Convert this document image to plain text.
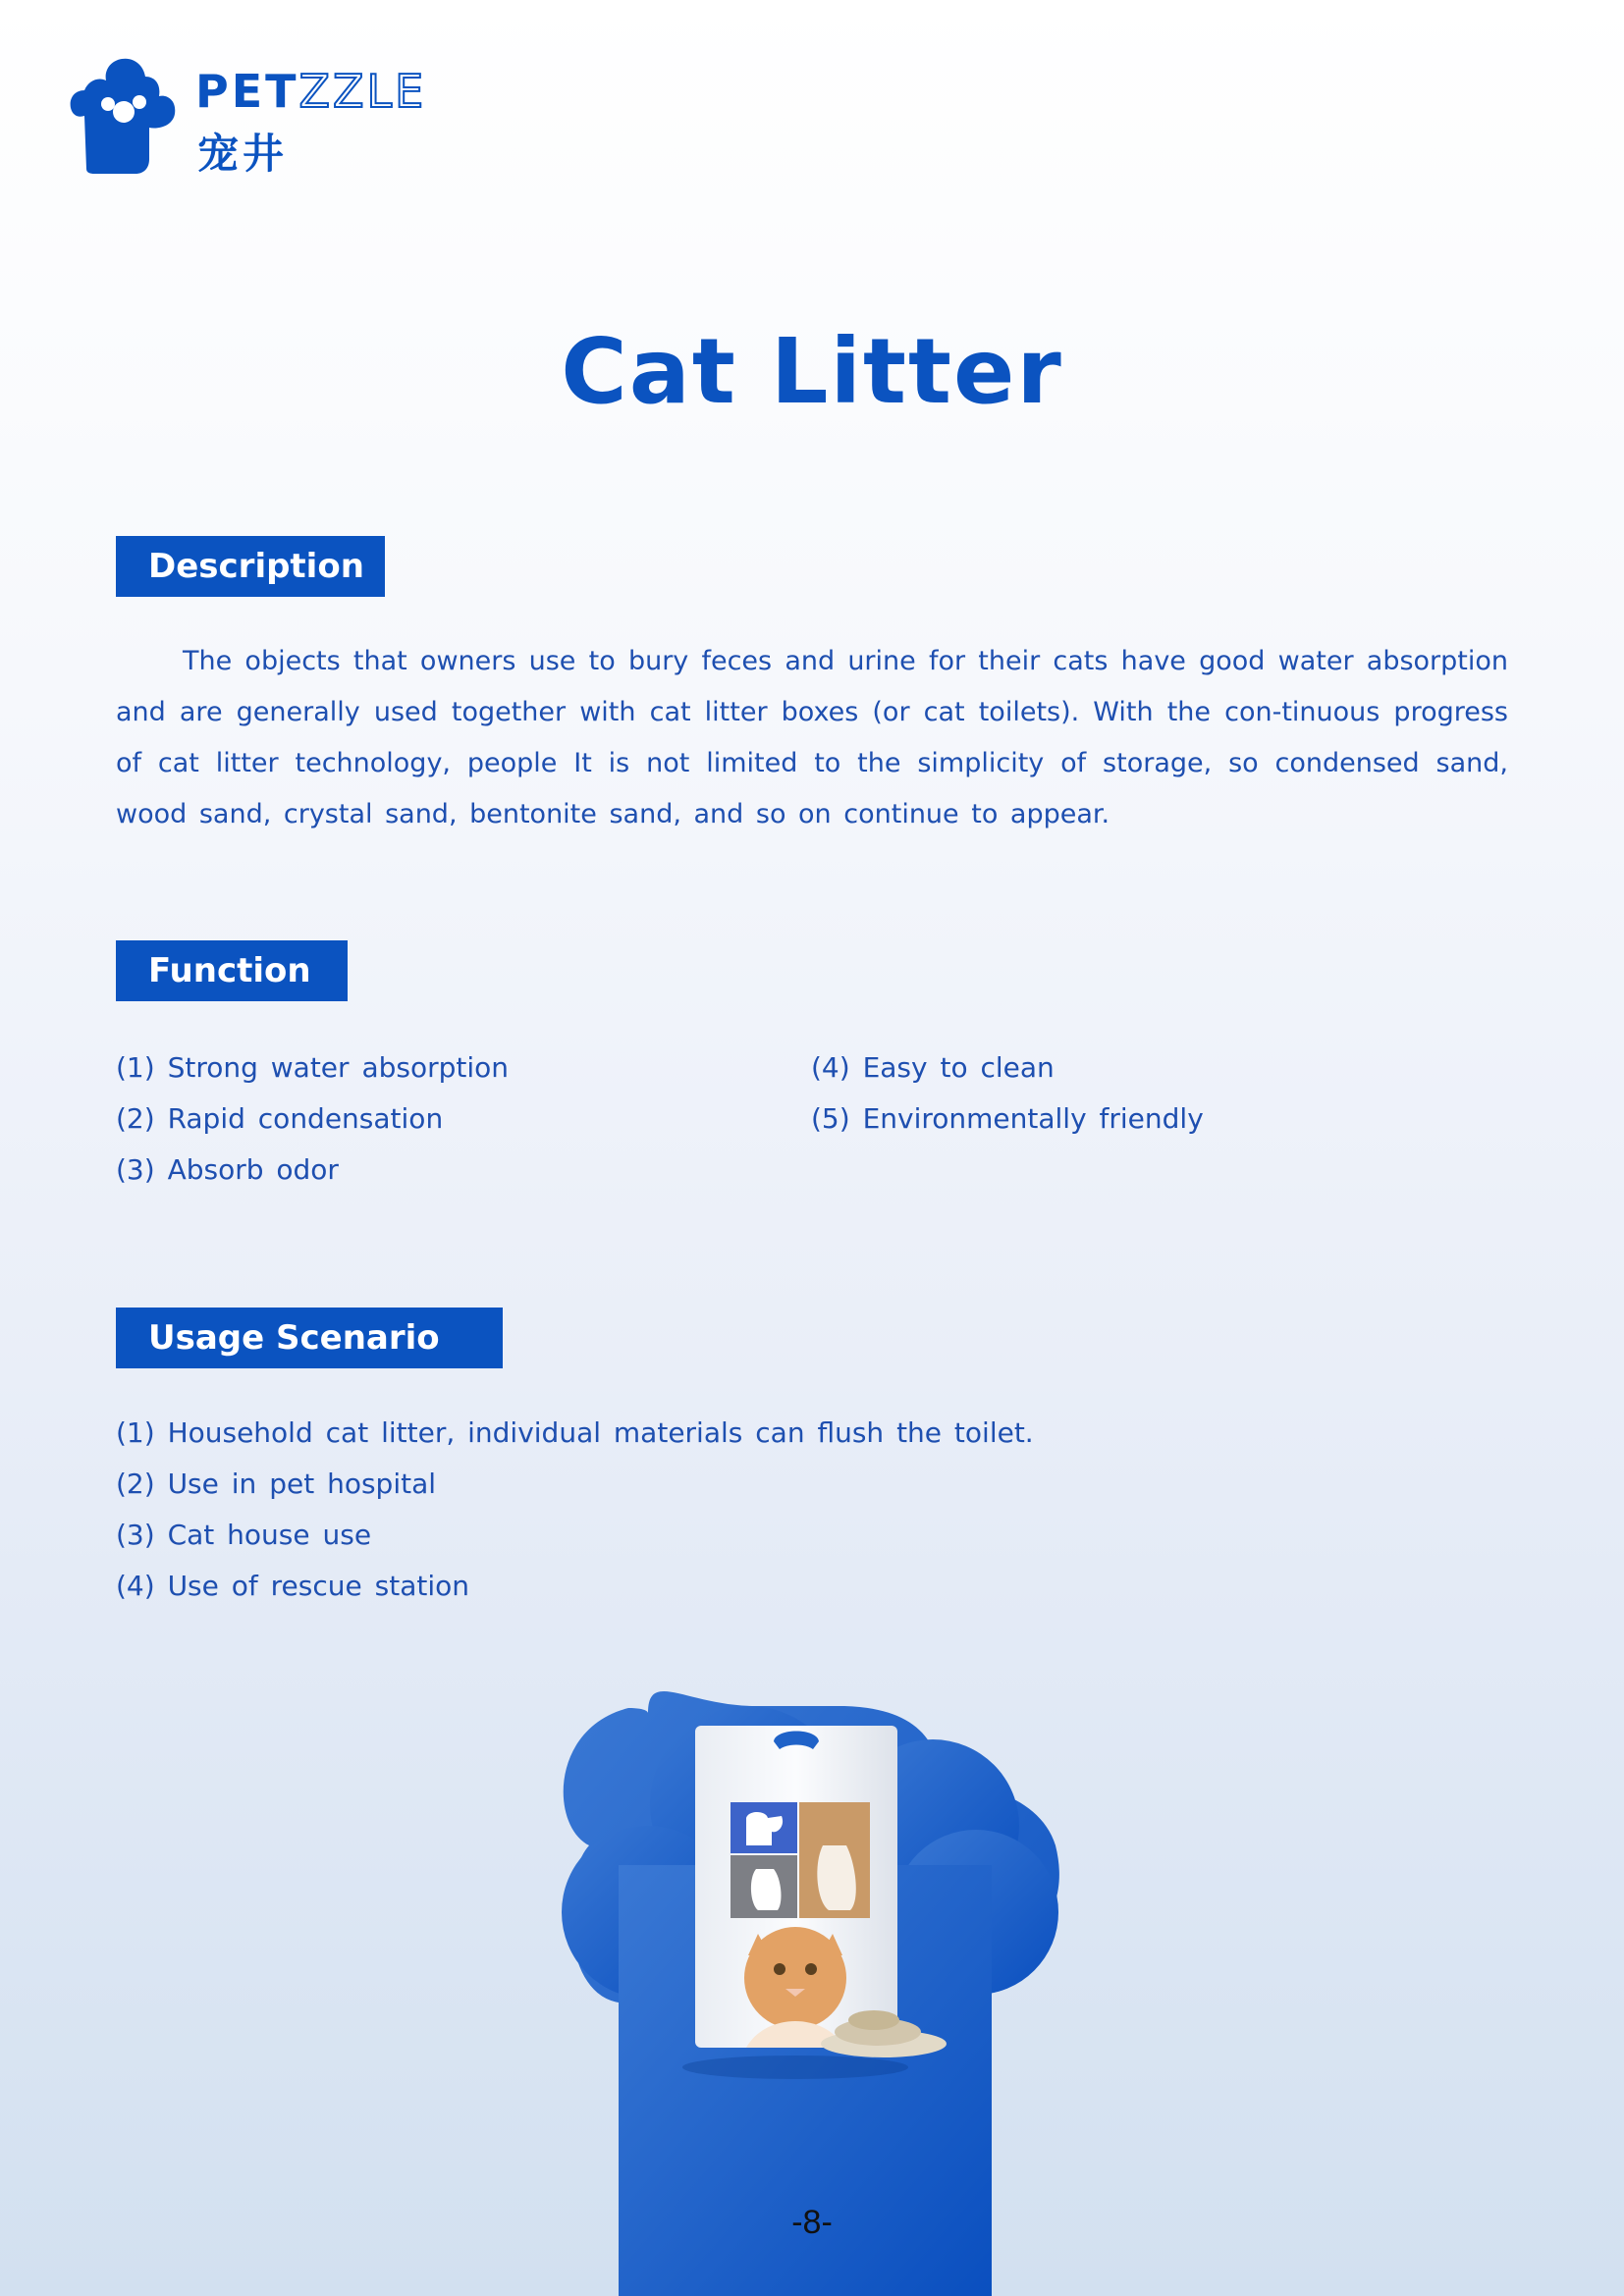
PETZZLE
宠井
Cat Litter
Description
The objects that owners use to bury feces and urine for their cats have good water absorption and are generally used together with cat litter boxes (or cat toilets). With the con-tinuous progress of cat litter technology, people It is not limited to the simplicity of storage, so condensed sand, wood sand, crystal sand, bentonite sand, and so on continue to appear.
Function
(1) Strong water absorption
(2) Rapid condensation
(3) Absorb odor
(4) Easy to clean
(5) Environmentally friendly
Usage Scenario
(1) Household cat litter, individual materials can flush the toilet.
(2) Use in pet hospital
(3) Cat house use
(4) Use of rescue station
-8-
